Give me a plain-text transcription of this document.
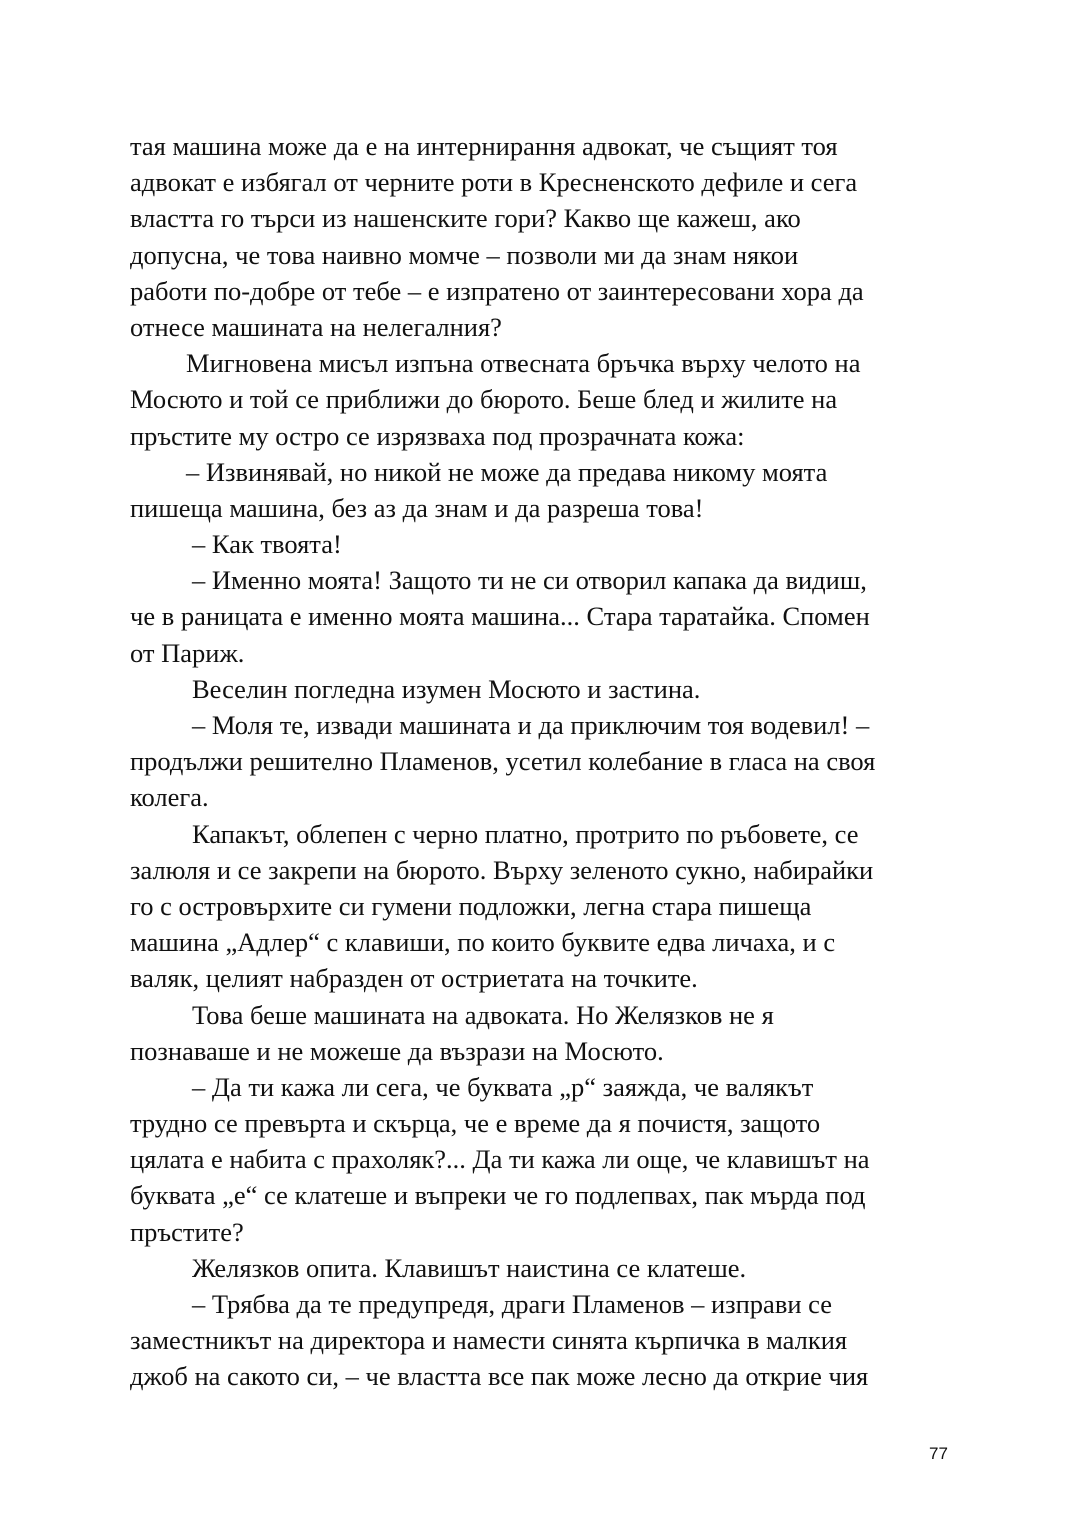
тая машина може да е на интернирання адвокат, че същият тоя
адвокат е избягал от черните роти в Кресненското дефиле и сега
властта го търси из нашенските гори? Какво ще кажеш, ако
допусна, че това наивно момче – позволи ми да знам някои
работи по-добре от тебе – е изпратено от заинтересовани хора да
отнесе машината на нелегалния?
Мигновена мисъл изпъна отвесната бръчка върху челото на
Мосюто и той се приближи до бюрото. Беше блед и жилите на
пръстите му остро се изрязваха под прозрачната кожа:
– Извинявай, но никой не може да предава никому моята
пишеща машина, без аз да знам и да разреша това!
– Как твоята!
– Именно моята! Защото ти не си отворил капака да видиш,
че в раницата е именно моята машина... Стара таратайка. Спомен
от Париж.
Веселин погледна изумен Мосюто и застина.
– Моля те, извади машината и да приключим тоя водевил! –
продължи решително Пламенов, усетил колебание в гласа на своя
колега.
Капакът, облепен с черно платно, протрито по ръбовете, се
залюля и се закрепи на бюрото. Върху зеленото сукно, набирайки
го с островърхите си гумени подложки, легна стара пишеща
машина „Адлер“ с клавиши, по които буквите едва личаха, и с
валяк, целият набразден от остриетата на точките.
Това беше машината на адвоката. Но Желязков не я
познаваше и не можеше да възрази на Мосюто.
– Да ти кажа ли сега, че буквата „р“ заяжда, че валякът
трудно се превърта и скърца, че е време да я почистя, защото
цялата е набита с прахоляк?... Да ти кажа ли още, че клавишът на
буквата „е“ се клатеше и въпреки че го подлепвах, пак мърда под
пръстите?
Желязков опита. Клавишът наистина се клатеше.
– Трябва да те предупредя, драги Пламенов – изправи се
заместникът на директора и намести синята кърпичка в малкия
джоб на сакото си, – че властта все пак може лесно да открие чия
77
